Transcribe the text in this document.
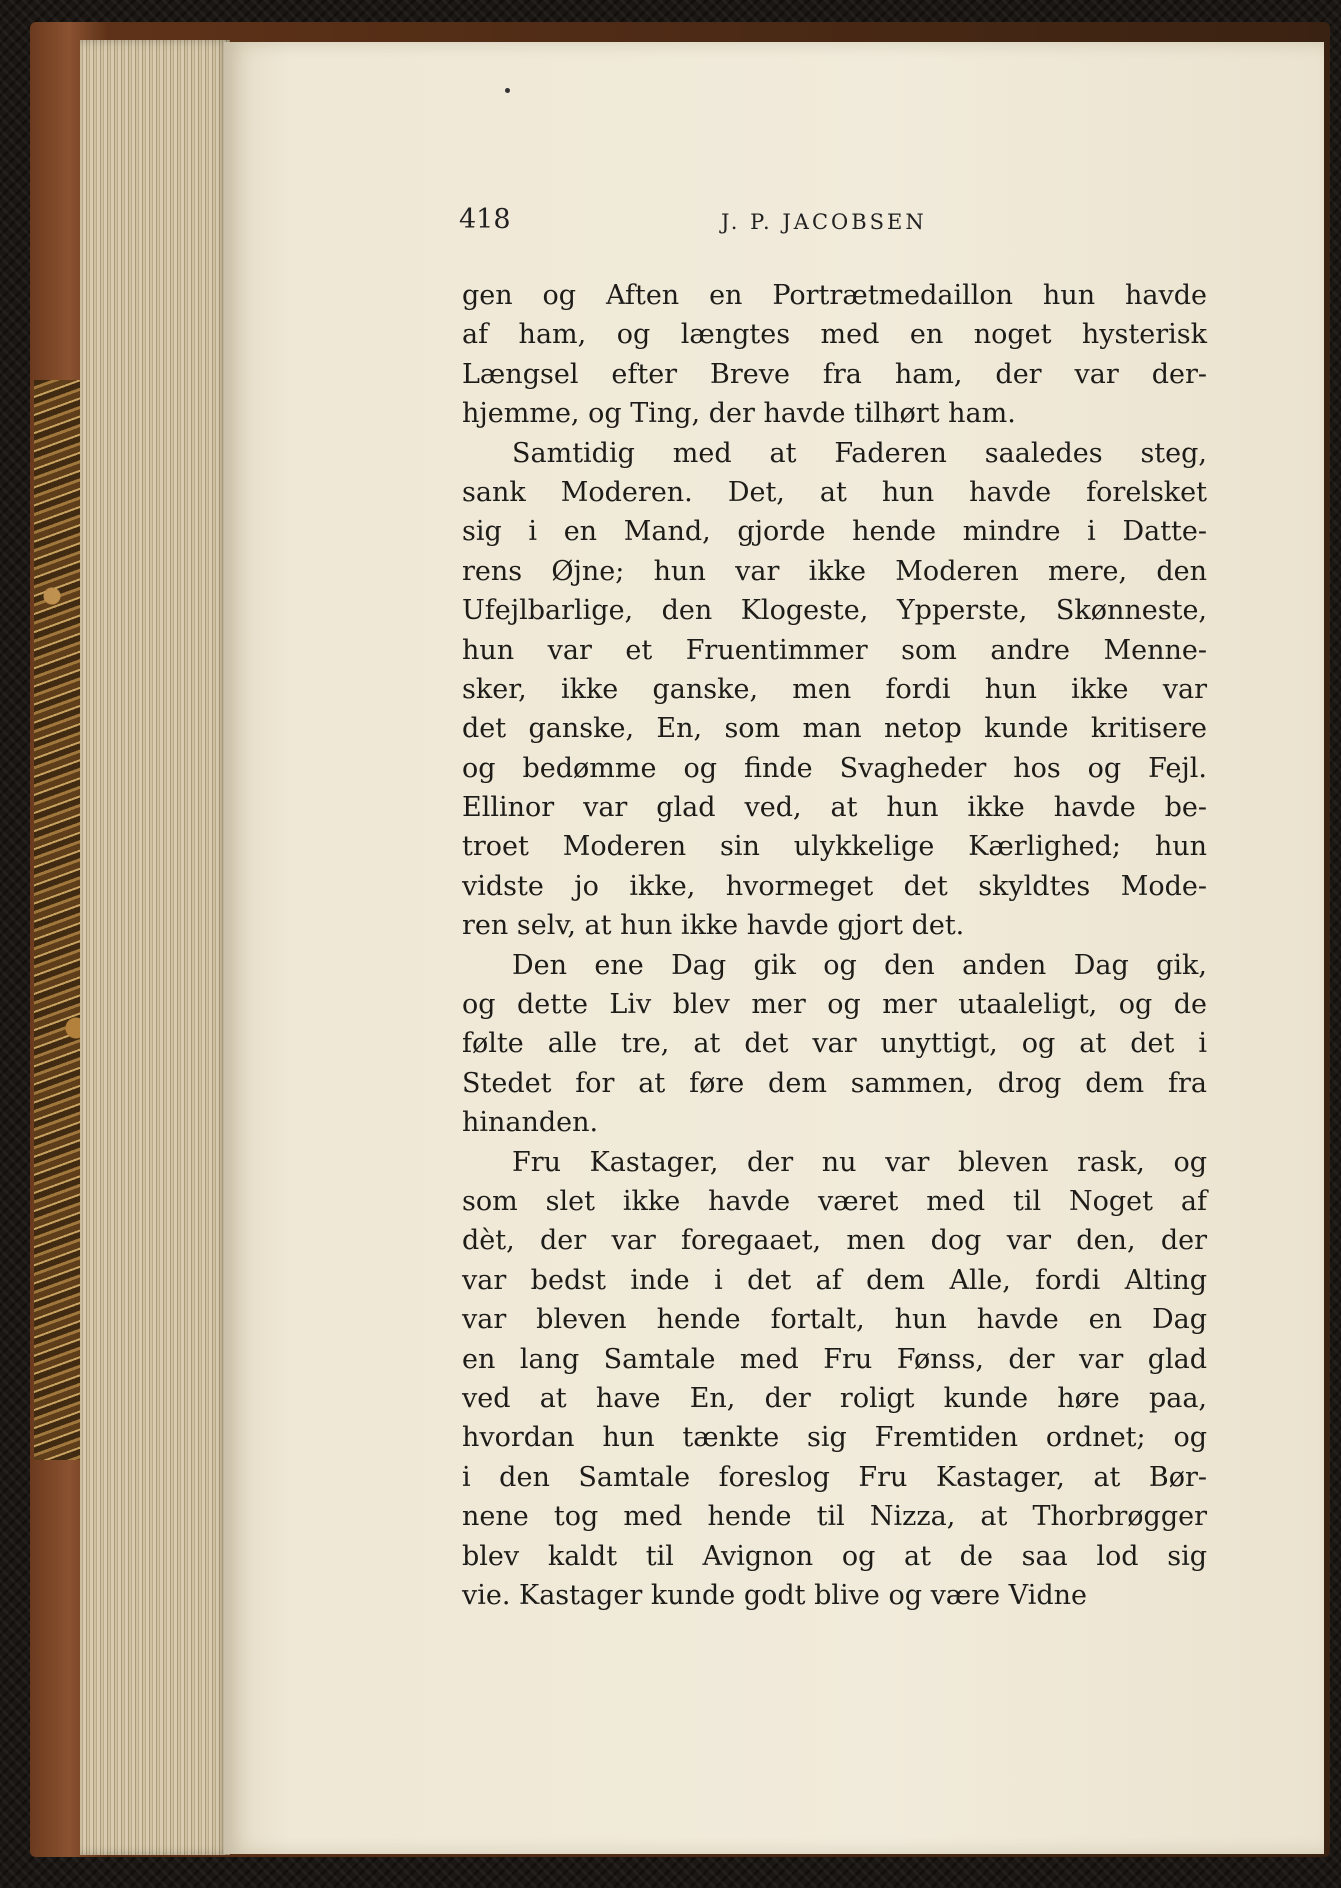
418	J. P. JACOBSEN
gen og Aften en Portrætmedaillon hun havde
af ham, og længtes med en noget hysterisk
Længsel efter Breve fra ham, der var der-
hjemme, og Ting, der havde tilhørt ham.
Samtidig med at Faderen saaledes steg,
sank Moderen. Det, at hun havde forelsket
sig i en Mand, gjorde hende mindre i Datte-
rens Øjne; hun var ikke Moderen mere, den
Ufejlbarlige, den Klogeste, Ypperste, Skønneste,
hun var et Fruentimmer som andre Menne-
sker, ikke ganske, men fordi hun ikke var
det ganske, En, som man netop kunde kritisere
og bedømme og finde Svagheder hos og Fejl.
Ellinor var glad ved, at hun ikke havde be-
troet Moderen sin ulykkelige Kærlighed; hun
vidste jo ikke, hvormeget det skyldtes Mode-
ren selv, at hun ikke havde gjort det.
Den ene Dag gik og den anden Dag gik,
og dette Liv blev mer og mer utaaleligt, og de
følte alle tre, at det var unyttigt, og at det i
Stedet for at føre dem sammen, drog dem fra
hinanden.
Fru Kastager, der nu var bleven rask, og
som slet ikke havde været med til Noget af
dèt, der var foregaaet, men dog var den, der
var bedst inde i det af dem Alle, fordi Alting
var bleven hende fortalt, hun havde en Dag
en lang Samtale med Fru Fønss, der var glad
ved at have En, der roligt kunde høre paa,
hvordan hun tænkte sig Fremtiden ordnet; og
i den Samtale foreslog Fru Kastager, at Bør-
nene tog med hende til Nizza, at Thorbrøgger
blev kaldt til Avignon og at de saa lod sig
vie. Kastager kunde godt blive og være Vidne
